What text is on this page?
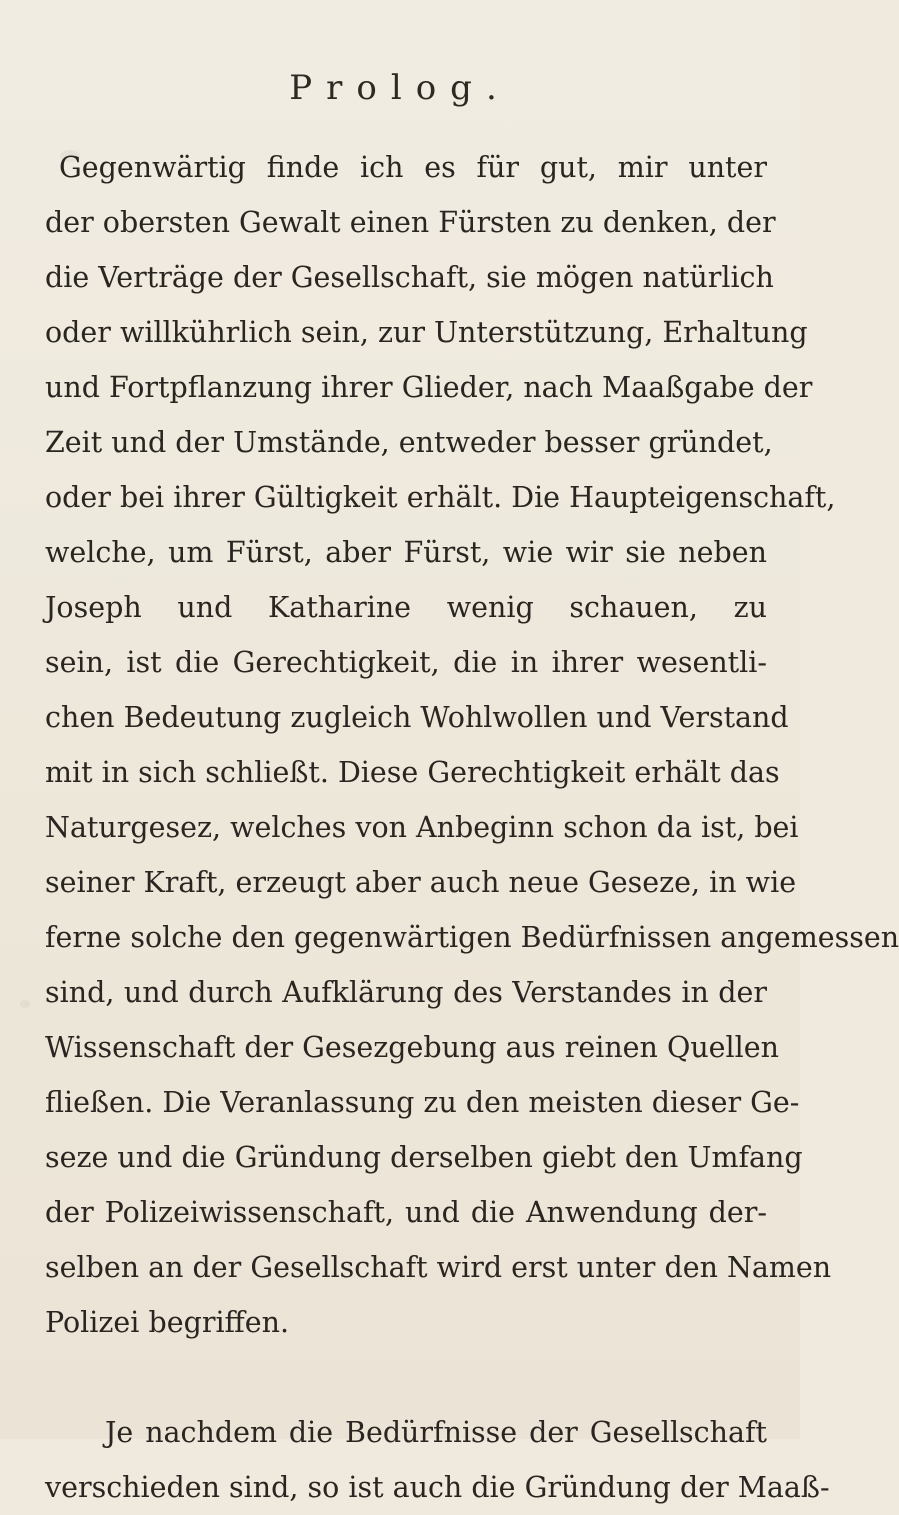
Prolog.
Gegenwärtig finde ich es für gut, mir unter
der obersten Gewalt einen Fürsten zu denken, der
die Verträge der Gesellschaft, sie mögen natürlich
oder willkührlich sein, zur Unterstützung, Erhaltung
und Fortpflanzung ihrer Glieder, nach Maaßgabe der
Zeit und der Umstände, entweder besser gründet,
oder bei ihrer Gültigkeit erhält. Die Haupteigenschaft,
welche, um Fürst, aber Fürst, wie wir sie neben
Joseph und Katharine wenig schauen, zu
sein, ist die Gerechtigkeit, die in ihrer wesentli-
chen Bedeutung zugleich Wohlwollen und Verstand
mit in sich schließt. Diese Gerechtigkeit erhält das
Naturgesez, welches von Anbeginn schon da ist, bei
seiner Kraft, erzeugt aber auch neue Geseze, in wie
ferne solche den gegenwärtigen Bedürfnissen angemessen
sind, und durch Aufklärung des Verstandes in der
Wissenschaft der Gesezgebung aus reinen Quellen
fließen. Die Veranlassung zu den meisten dieser Ge-
seze und die Gründung derselben giebt den Umfang
der Polizeiwissenschaft, und die Anwendung der-
selben an der Gesellschaft wird erst unter den Namen
Polizei begriffen.
Je nachdem die Bedürfnisse der Gesellschaft
verschieden sind, so ist auch die Gründung der Maaß-
